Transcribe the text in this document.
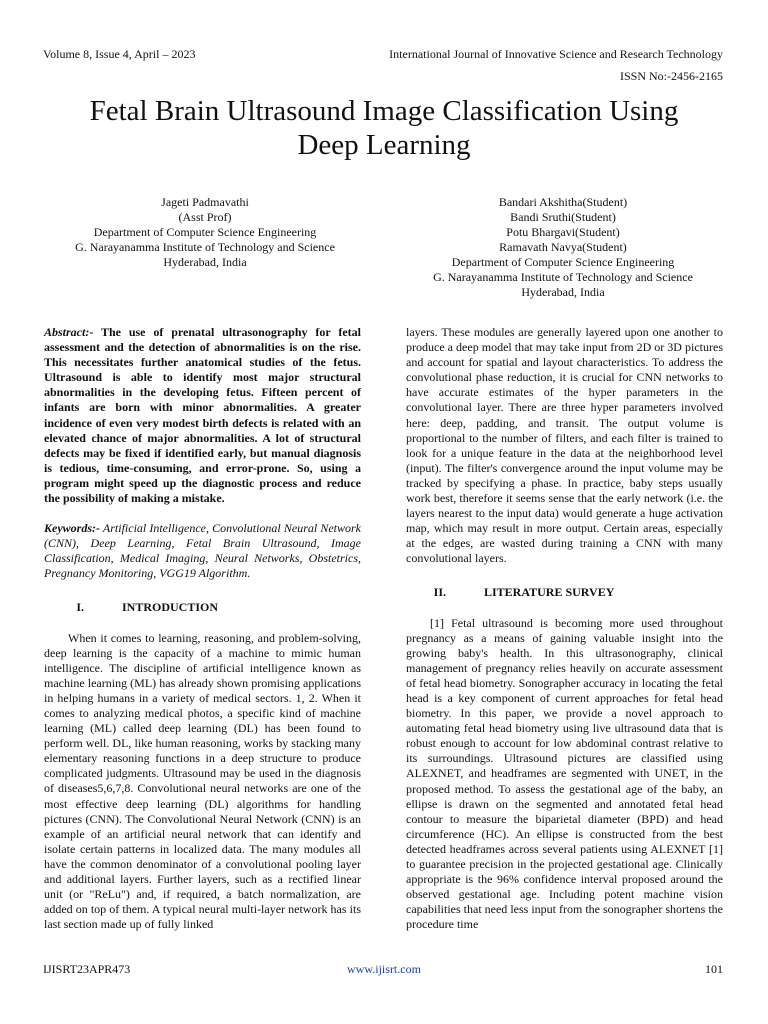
Volume 8, Issue 4, April – 2023	International Journal of Innovative Science and Research Technology
ISSN No:-2456-2165
Fetal Brain Ultrasound Image Classification Using
Deep Learning
Jageti Padmavathi
(Asst Prof)
Department of Computer Science Engineering
G. Narayanamma Institute of Technology and Science
Hyderabad, India
Bandari Akshitha(Student)
Bandi Sruthi(Student)
Potu Bhargavi(Student)
Ramavath Navya(Student)
Department of Computer Science Engineering
G. Narayanamma Institute of Technology and Science
Hyderabad, India

Abstract:- The use of prenatal ultrasonography for fetal assessment and the detection of abnormalities is on the rise. This necessitates further anatomical studies of the fetus. Ultrasound is able to identify most major structural abnormalities in the developing fetus. Fifteen percent of infants are born with minor abnormalities. A greater incidence of even very modest birth defects is related with an elevated chance of major abnormalities. A lot of structural defects may be fixed if identified early, but manual diagnosis is tedious, time-consuming, and error-prone. So, using a program might speed up the diagnostic process and reduce the possibility of making a mistake.

Keywords:- Artificial Intelligence, Convolutional Neural Network (CNN), Deep Learning, Fetal Brain Ultrasound, Image Classification, Medical Imaging, Neural Networks, Obstetrics, Pregnancy Monitoring, VGG19 Algorithm.

I.	INTRODUCTION

When it comes to learning, reasoning, and problem-solving, deep learning is the capacity of a machine to mimic human intelligence. The discipline of artificial intelligence known as machine learning (ML) has already shown promising applications in helping humans in a variety of medical sectors. 1, 2. When it comes to analyzing medical photos, a specific kind of machine learning (ML) called deep learning (DL) has been found to perform well. DL, like human reasoning, works by stacking many elementary reasoning functions in a deep structure to produce complicated judgments. Ultrasound may be used in the diagnosis of diseases5,6,7,8. Convolutional neural networks are one of the most effective deep learning (DL) algorithms for handling pictures (CNN). The Convolutional Neural Network (CNN) is an example of an artificial neural network that can identify and isolate certain patterns in localized data. The many modules all have the common denominator of a convolutional pooling layer and additional layers. Further layers, such as a rectified linear unit (or "ReLu") and, if required, a batch normalization, are added on top of them. A typical neural multi-layer network has its last section made up of fully linked

layers. These modules are generally layered upon one another to produce a deep model that may take input from 2D or 3D pictures and account for spatial and layout characteristics. To address the convolutional phase reduction, it is crucial for CNN networks to have accurate estimates of the hyper parameters in the convolutional layer. There are three hyper parameters involved here: deep, padding, and transit. The output volume is proportional to the number of filters, and each filter is trained to look for a unique feature in the data at the neighborhood level (input). The filter's convergence around the input volume may be tracked by specifying a phase. In practice, baby steps usually work best, therefore it seems sense that the early network (i.e. the layers nearest to the input data) would generate a huge activation map, which may result in more output. Certain areas, especially at the edges, are wasted during training a CNN with many convolutional layers.

II.	LITERATURE SURVEY

[1] Fetal ultrasound is becoming more used throughout pregnancy as a means of gaining valuable insight into the growing baby's health. In this ultrasonography, clinical management of pregnancy relies heavily on accurate assessment of fetal head biometry. Sonographer accuracy in locating the fetal head is a key component of current approaches for fetal head biometry. In this paper, we provide a novel approach to automating fetal head biometry using live ultrasound data that is robust enough to account for low abdominal contrast relative to its surroundings. Ultrasound pictures are classified using ALEXNET, and headframes are segmented with UNET, in the proposed method. To assess the gestational age of the baby, an ellipse is drawn on the segmented and annotated fetal head contour to measure the biparietal diameter (BPD) and head circumference (HC). An ellipse is constructed from the best detected headframes across several patients using ALEXNET [1] to guarantee precision in the projected gestational age. Clinically appropriate is the 96% confidence interval proposed around the observed gestational age. Including potent machine vision capabilities that need less input from the sonographer shortens the procedure time

IJISRT23APR473	www.ijisrt.com	101
